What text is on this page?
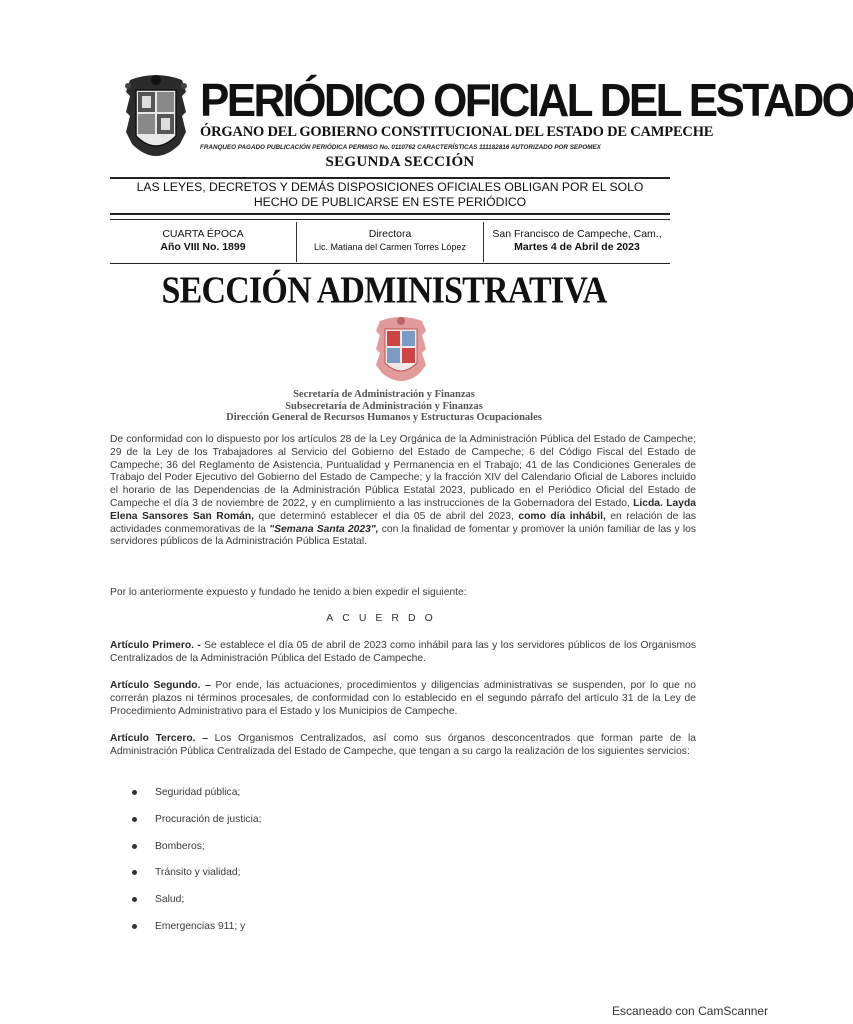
PERIÓDICO OFICIAL DEL ESTADO
ÓRGANO DEL GOBIERNO CONSTITUCIONAL DEL ESTADO DE CAMPECHE
FRANQUEO PAGADO PUBLICACIÓN PERIÓDICA PERMISO No. 0110762 CARACTERÍSTICAS 111182816 AUTORIZADO POR SEPOMEX
SEGUNDA SECCIÓN
LAS LEYES, DECRETOS Y DEMÁS DISPOSICIONES OFICIALES OBLIGAN POR EL SOLO
HECHO DE PUBLICARSE EN ESTE PERIÓDICO
CUARTA ÉPOCA
Año VIII No. 1899
Directora
Lic. Matiana del Carmen Torres López
San Francisco de Campeche, Cam.,
Martes 4 de Abril de 2023
SECCIÓN ADMINISTRATIVA
Secretaría de Administración y Finanzas
Subsecretaría de Administración y Finanzas
Dirección General de Recursos Humanos y Estructuras Ocupacionales
De conformidad con lo dispuesto por los artículos 28 de la Ley Orgánica de la Administración Pública del Estado de Campeche; 29 de la Ley de los Trabajadores al Servicio del Gobierno del Estado de Campeche; 6 del Código Fiscal del Estado de Campeche; 36 del Reglamento de Asistencia, Puntualidad y Permanencia en el Trabajo; 41 de las Condiciones Generales de Trabajo del Poder Ejecutivo del Gobierno del Estado de Campeche; y la fracción XIV del Calendario Oficial de Labores incluido el horario de las Dependencias de la Administración Pública Estatal 2023, publicado en el Periódico Oficial del Estado de Campeche el día 3 de noviembre de 2022, y en cumplimiento a las instrucciones de la Gobernadora del Estado, Licda. Layda Elena Sansores San Román, que determinó establecer el día 05 de abril del 2023, como día inhábil, en relación de las actividades conmemorativas de la "Semana Santa 2023", con la finalidad de fomentar y promover la unión familiar de las y los servidores públicos de la Administración Pública Estatal.
Por lo anteriormente expuesto y fundado he tenido a bien expedir el siguiente:
ACUERDO
Artículo Primero. - Se establece el día 05 de abril de 2023 como inhábil para las y los servidores públicos de los Organismos Centralizados de la Administración Pública del Estado de Campeche.
Artículo Segundo. – Por ende, las actuaciones, procedimientos y diligencias administrativas se suspenden, por lo que no correrán plazos ni términos procesales, de conformidad con lo establecido en el segundo párrafo del artículo 31 de la Ley de Procedimiento Administrativo para el Estado y los Municipios de Campeche.
Artículo Tercero. – Los Organismos Centralizados, así como sus órganos desconcentrados que forman parte de la Administración Pública Centralizada del Estado de Campeche, que tengan a su cargo la realización de los siguientes servicios:
Seguridad pública;
Procuración de justicia;
Bomberos;
Tránsito y vialidad;
Salud;
Emergencias 911; y
Escaneado con CamScanner
